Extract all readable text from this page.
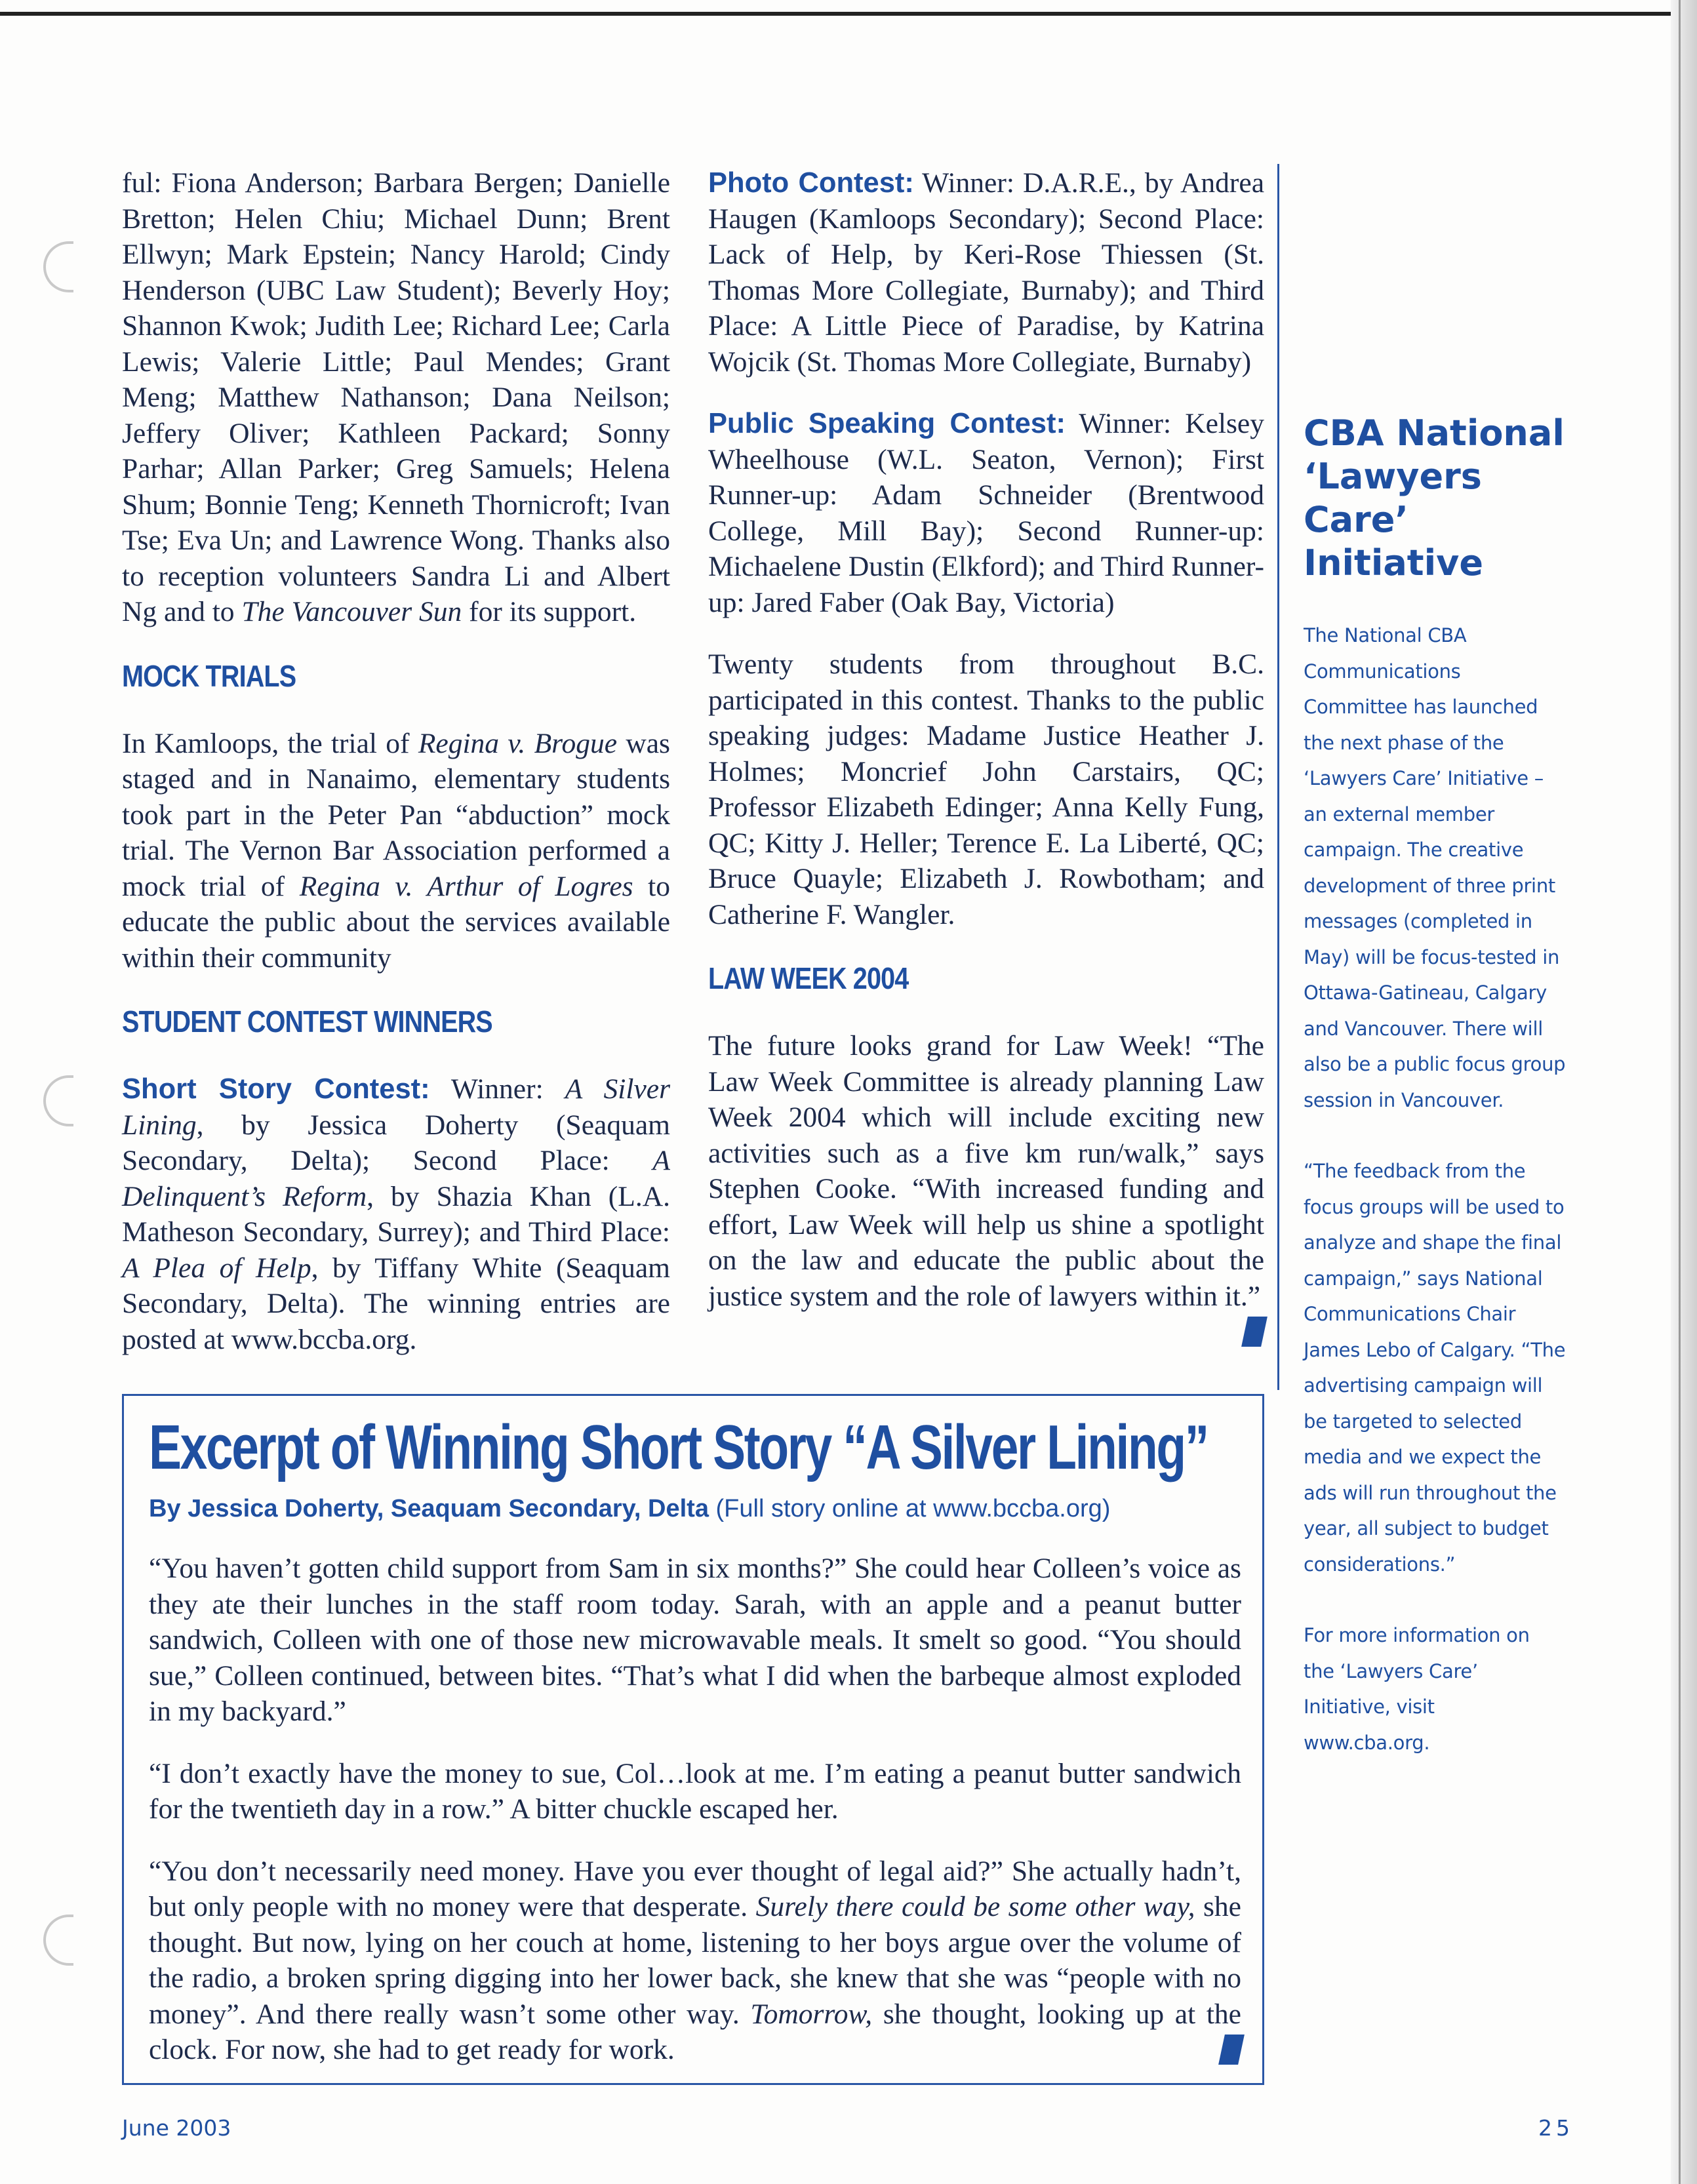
ful: Fiona Anderson; Barbara Bergen; Danielle Bretton; Helen Chiu; Michael Dunn; Brent Ellwyn; Mark Epstein; Nancy Harold; Cindy Henderson (UBC Law Student); Beverly Hoy; Shannon Kwok; Judith Lee; Richard Lee; Carla Lewis; Valerie Little; Paul Mendes; Grant Meng; Matthew Nathanson; Dana Neilson; Jeffery Oliver; Kathleen Packard; Sonny Parhar; Allan Parker; Greg Samuels; Helena Shum; Bonnie Teng; Kenneth Thornicroft; Ivan Tse; Eva Un; and Lawrence Wong. Thanks also to reception volunteers Sandra Li and Albert Ng and to The Vancouver Sun for its support.

MOCK TRIALS

In Kamloops, the trial of Regina v. Brogue was staged and in Nanaimo, elementary students took part in the Peter Pan “abduction” mock trial. The Vernon Bar Association performed a mock trial of Regina v. Arthur of Logres to educate the public about the services available within their community

STUDENT CONTEST WINNERS

Short Story Contest: Winner: A Silver Lining, by Jessica Doherty (Seaquam Secondary, Delta); Second Place: A Delinquent’s Reform, by Shazia Khan (L.A. Matheson Secondary, Surrey); and Third Place: A Plea of Help, by Tiffany White (Seaquam Secondary, Delta). The winning entries are posted at www.bccba.org.

Photo Contest: Winner: D.A.R.E., by Andrea Haugen (Kamloops Secondary); Second Place: Lack of Help, by Keri-Rose Thiessen (St. Thomas More Collegiate, Burnaby); and Third Place: A Little Piece of Paradise, by Katrina Wojcik (St. Thomas More Collegiate, Burnaby)

Public Speaking Contest: Winner: Kelsey Wheelhouse (W.L. Seaton, Vernon); First Runner-up: Adam Schneider (Brentwood College, Mill Bay); Second Runner-up: Michaelene Dustin (Elkford); and Third Runner-up: Jared Faber (Oak Bay, Victoria)

Twenty students from throughout B.C. participated in this contest. Thanks to the public speaking judges: Madame Justice Heather J. Holmes; Moncrief John Carstairs, QC; Professor Elizabeth Edinger; Anna Kelly Fung, QC; Kitty J. Heller; Terence E. La Liberté, QC; Bruce Quayle; Elizabeth J. Rowbotham; and Catherine F. Wangler.

LAW WEEK 2004

The future looks grand for Law Week! “The Law Week Committee is already planning Law Week 2004 which will include exciting new activities such as a five km run/walk,” says Stephen Cooke. “With increased funding and effort, Law Week will help us shine a spotlight on the law and educate the public about the justice system and the role of lawyers within it.”

CBA National ‘Lawyers Care’ Initiative

The National CBA Communications Committee has launched the next phase of the ‘Lawyers Care’ Initiative – an external member campaign. The creative development of three print messages (completed in May) will be focus-tested in Ottawa-Gatineau, Calgary and Vancouver. There will also be a public focus group session in Vancouver.

“The feedback from the focus groups will be used to analyze and shape the final campaign,” says National Communications Chair James Lebo of Calgary. “The advertising campaign will be targeted to selected media and we expect the ads will run throughout the year, all subject to budget considerations.”

For more information on the ‘Lawyers Care’ Initiative, visit www.cba.org.

Excerpt of Winning Short Story “A Silver Lining”
By Jessica Doherty, Seaquam Secondary, Delta (Full story online at www.bccba.org)

“You haven’t gotten child support from Sam in six months?” She could hear Colleen’s voice as they ate their lunches in the staff room today. Sarah, with an apple and a peanut butter sandwich, Colleen with one of those new microwavable meals. It smelt so good. “You should sue,” Colleen continued, between bites. “That’s what I did when the barbeque almost exploded in my backyard.”

“I don’t exactly have the money to sue, Col…look at me. I’m eating a peanut butter sandwich for the twentieth day in a row.” A bitter chuckle escaped her.

“You don’t necessarily need money. Have you ever thought of legal aid?” She actually hadn’t, but only people with no money were that desperate. Surely there could be some other way, she thought. But now, lying on her couch at home, listening to her boys argue over the volume of the radio, a broken spring digging into her lower back, she knew that she was “people with no money”. And there really wasn’t some other way. Tomorrow, she thought, looking up at the clock. For now, she had to get ready for work.

June 2003	25
